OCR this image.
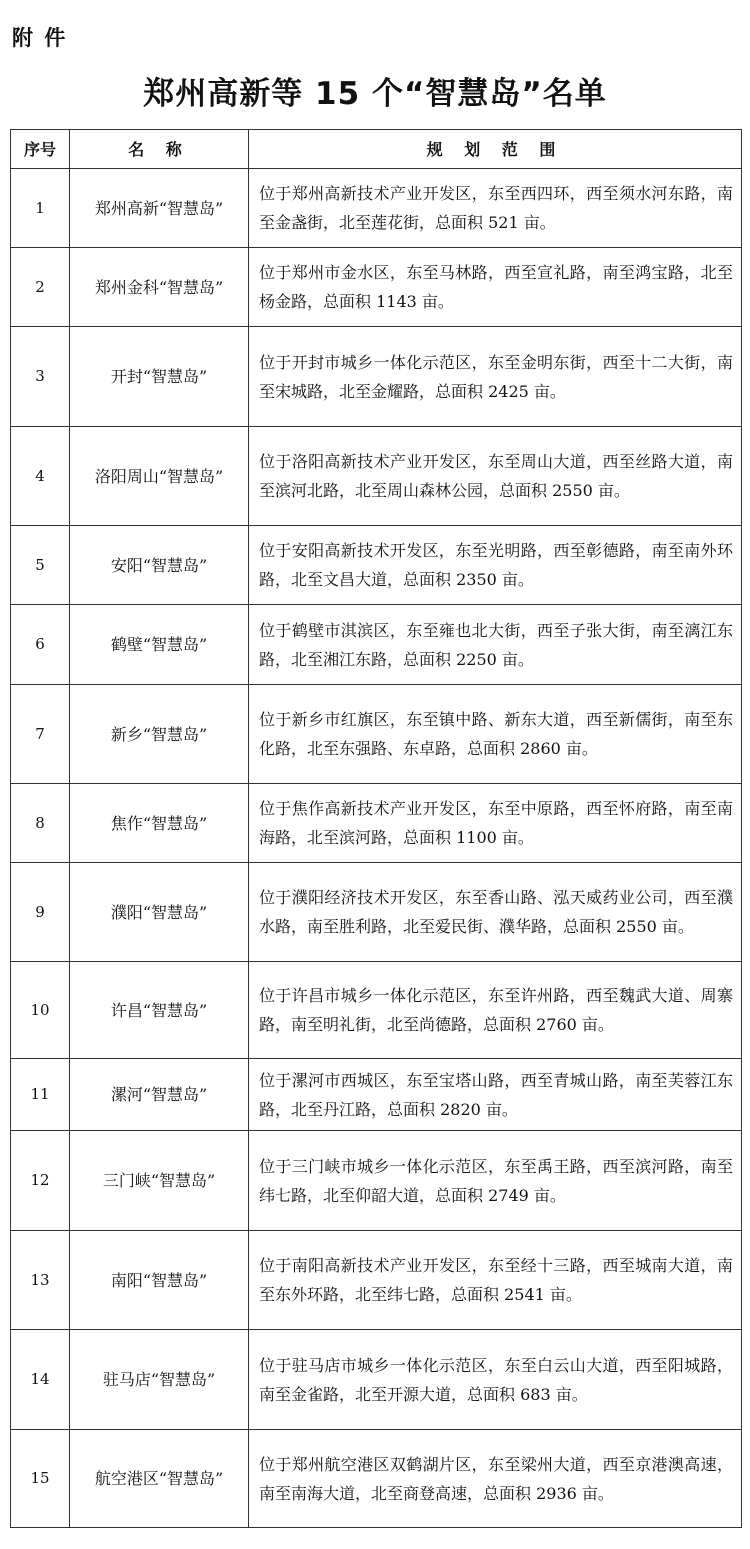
附 件
郑州高新等 15 个“智慧岛”名单
序号	名 称	规 划 范 围
1	郑州高新“智慧岛”	位于郑州高新技术产业开发区，东至西四环，西至须水河东路，南至金盏街，北至莲花街，总面积 521 亩。
2	郑州金科“智慧岛”	位于郑州市金水区，东至马林路，西至宣礼路，南至鸿宝路，北至杨金路，总面积 1143 亩。
3	开封“智慧岛”	位于开封市城乡一体化示范区，东至金明东街，西至十二大街，南至宋城路，北至金耀路，总面积 2425 亩。
4	洛阳周山“智慧岛”	位于洛阳高新技术产业开发区，东至周山大道，西至丝路大道，南至滨河北路，北至周山森林公园，总面积 2550 亩。
5	安阳“智慧岛”	位于安阳高新技术开发区，东至光明路，西至彰德路，南至南外环路，北至文昌大道，总面积 2350 亩。
6	鹤壁“智慧岛”	位于鹤壁市淇滨区，东至雍也北大街，西至子张大街，南至漓江东路，北至湘江东路，总面积 2250 亩。
7	新乡“智慧岛”	位于新乡市红旗区，东至镇中路、新东大道，西至新儒街，南至东化路，北至东强路、东卓路，总面积 2860 亩。
8	焦作“智慧岛”	位于焦作高新技术产业开发区，东至中原路，西至怀府路，南至南海路，北至滨河路，总面积 1100 亩。
9	濮阳“智慧岛”	位于濮阳经济技术开发区，东至香山路、泓天威药业公司，西至濮水路，南至胜利路，北至爱民街、濮华路，总面积 2550 亩。
10	许昌“智慧岛”	位于许昌市城乡一体化示范区，东至许州路，西至魏武大道、周寨路，南至明礼街，北至尚德路，总面积 2760 亩。
11	漯河“智慧岛”	位于漯河市西城区，东至宝塔山路，西至青城山路，南至芙蓉江东路，北至丹江路，总面积 2820 亩。
12	三门峡“智慧岛”	位于三门峡市城乡一体化示范区，东至禹王路，西至滨河路，南至纬七路，北至仰韶大道，总面积 2749 亩。
13	南阳“智慧岛”	位于南阳高新技术产业开发区，东至经十三路，西至城南大道，南至东外环路，北至纬七路，总面积 2541 亩。
14	驻马店“智慧岛”	位于驻马店市城乡一体化示范区，东至白云山大道，西至阳城路，南至金雀路，北至开源大道，总面积 683 亩。
15	航空港区“智慧岛”	位于郑州航空港区双鹤湖片区，东至梁州大道，西至京港澳高速，南至南海大道，北至商登高速，总面积 2936 亩。
